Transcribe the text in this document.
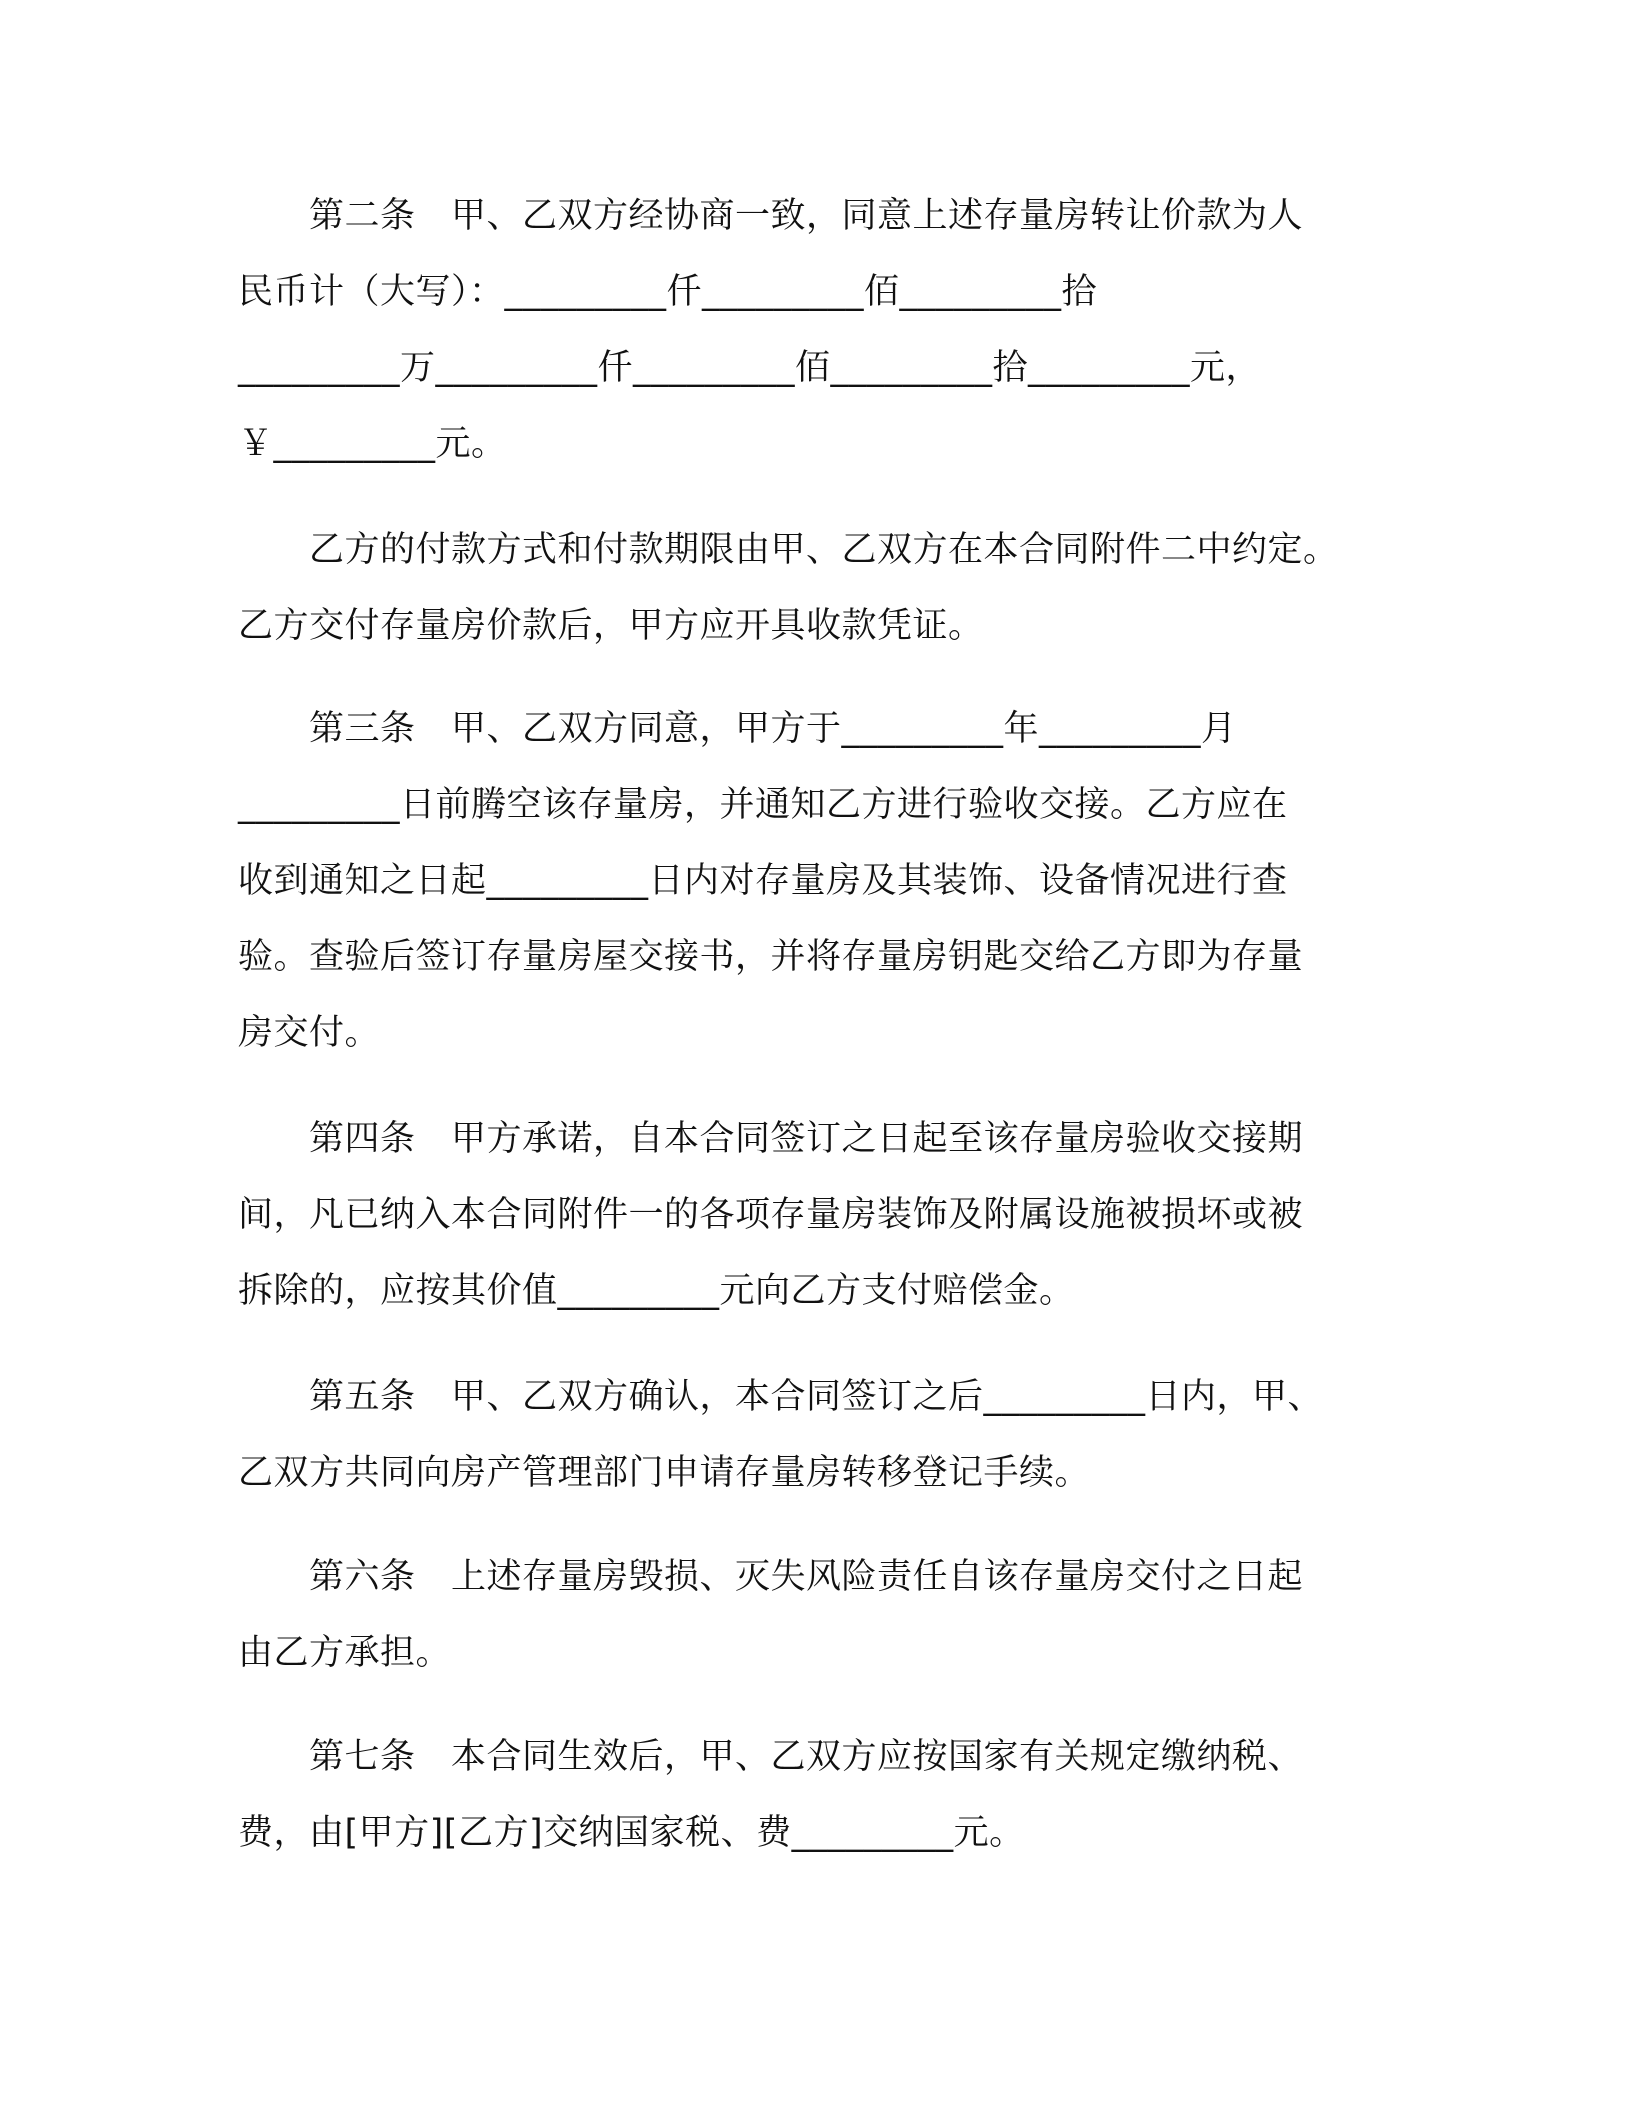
　　第二条　甲、乙双方经协商一致，同意上述存量房转让价款为人
民币计（大写）：_________仟_________佰_________拾
_________万_________仟_________佰_________拾_________元，
￥_________元。
　　乙方的付款方式和付款期限由甲、乙双方在本合同附件二中约定。
乙方交付存量房价款后，甲方应开具收款凭证。
　　第三条　甲、乙双方同意，甲方于_________年_________月
_________日前腾空该存量房，并通知乙方进行验收交接。乙方应在
收到通知之日起_________日内对存量房及其装饰、设备情况进行查
验。查验后签订存量房屋交接书，并将存量房钥匙交给乙方即为存量
房交付。
　　第四条　甲方承诺，自本合同签订之日起至该存量房验收交接期
间，凡已纳入本合同附件一的各项存量房装饰及附属设施被损坏或被
拆除的，应按其价值_________元向乙方支付赔偿金。
　　第五条　甲、乙双方确认，本合同签订之后_________日内，甲、
乙双方共同向房产管理部门申请存量房转移登记手续。
　　第六条　上述存量房毁损、灭失风险责任自该存量房交付之日起
由乙方承担。
　　第七条　本合同生效后，甲、乙双方应按国家有关规定缴纳税、
费，由[甲方][乙方]交纳国家税、费_________元。
